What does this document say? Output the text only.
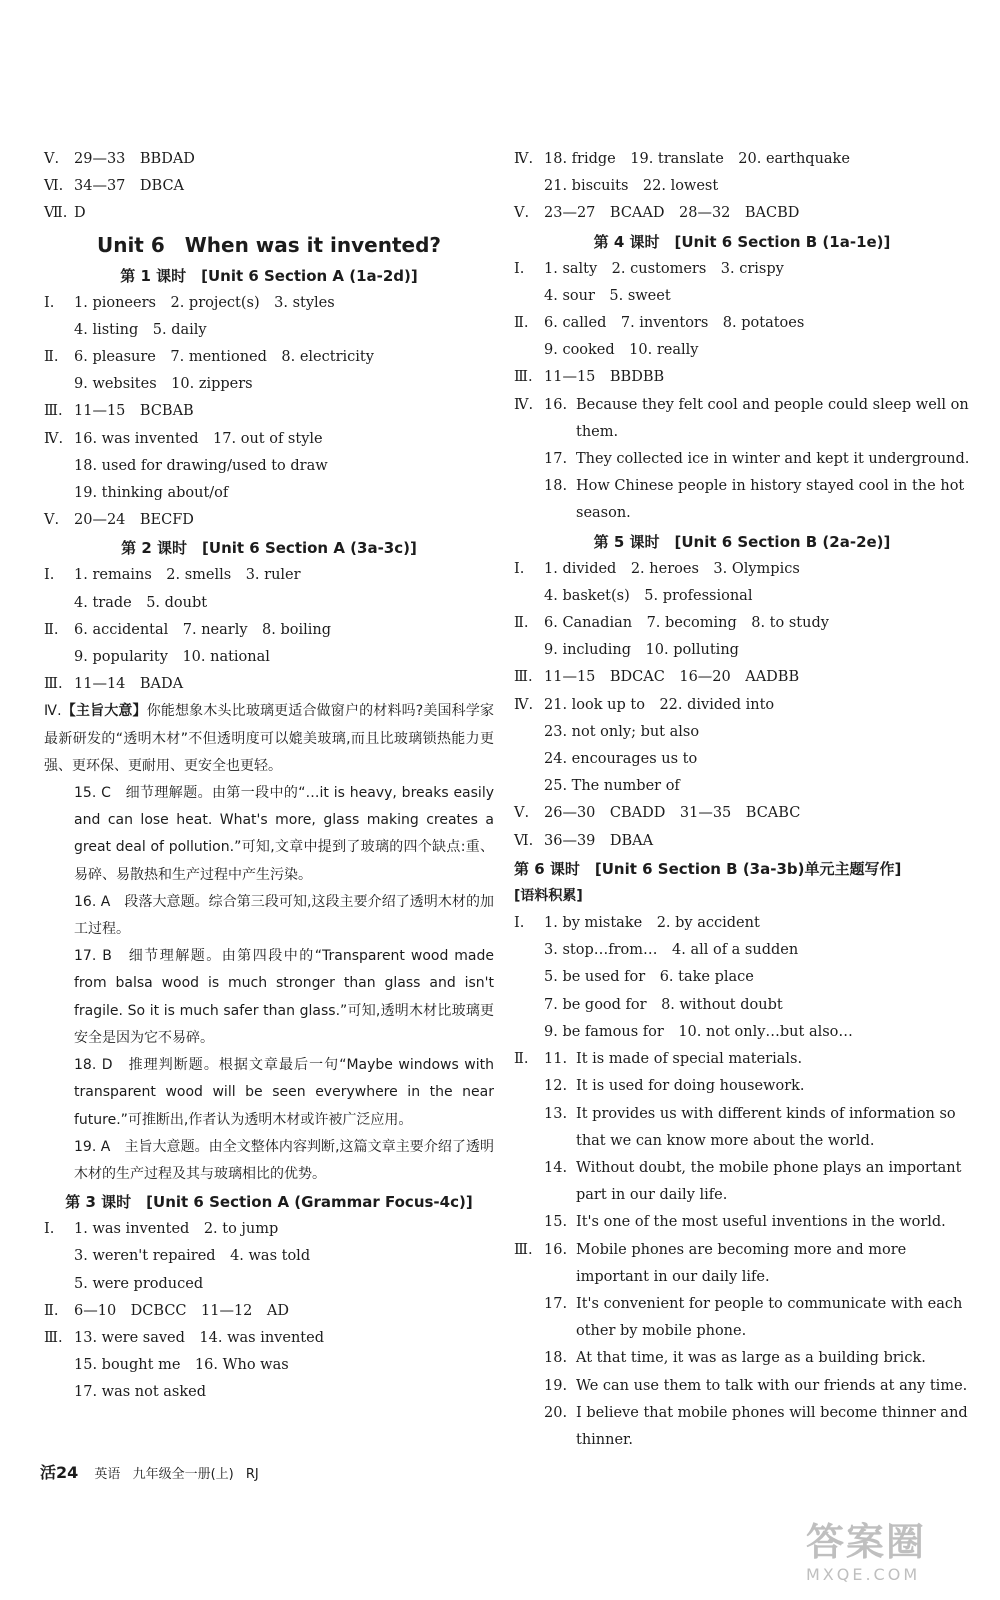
Ⅴ.	29—33　BBDAD
Ⅵ. 34—37　DBCA
Ⅶ. D
Unit 6　When was it invented?
第 1 课时　[Unit 6 Section A (1a-2d)]
Ⅰ.	1. pioneers　2. project(s)　3. styles
4. listing　5. daily
Ⅱ.	6. pleasure　7. mentioned　8. electricity
9. websites　10. zippers
Ⅲ. 11—15　BCBAB
Ⅳ. 16. was invented　17. out of style
18. used for drawing/used to draw
19. thinking about/of
Ⅴ.	20—24　BECFD
第 2 课时　[Unit 6 Section A (3a-3c)]
Ⅰ.	1. remains　2. smells　3. ruler
4. trade　5. doubt
Ⅱ.	6. accidental　7. nearly　8. boiling
9. popularity　10. national
Ⅲ. 11—14　BADA
Ⅳ.【主旨大意】你能想象木头比玻璃更适合做窗户的材料吗?美国科学家最新研发的“透明木材”不但透明度可以媲美玻璃,而且比玻璃锁热能力更强、更环保、更耐用、更安全也更轻。
15. C　细节理解题。由第一段中的“…it is heavy, breaks easily and can lose heat. What's more, glass making creates a great deal of pollution.”可知,文章中提到了玻璃的四个缺点:重、易碎、易散热和生产过程中产生污染。
16. A　段落大意题。综合第三段可知,这段主要介绍了透明木材的加工过程。
17. B　细节理解题。由第四段中的“Transparent wood made from balsa wood is much stronger than glass and isn't fragile. So it is much safer than glass.”可知,透明木材比玻璃更安全是因为它不易碎。
18. D　推理判断题。根据文章最后一句“Maybe windows with transparent wood will be seen everywhere in the near future.”可推断出,作者认为透明木材或许被广泛应用。
19. A　主旨大意题。由全文整体内容判断,这篇文章主要介绍了透明木材的生产过程及其与玻璃相比的优势。
第 3 课时　[Unit 6 Section A (Grammar Focus-4c)]
Ⅰ.	1. was invented　2. to jump
3. weren't repaired　4. was told
5. were produced
Ⅱ.	6—10　DCBCC　11—12　AD
Ⅲ. 13. were saved　14. was invented
15. bought me　16. Who was
17. was not asked
Ⅳ. 18. fridge　19. translate　20. earthquake
21. biscuits　22. lowest
Ⅴ.	23—27　BCAAD　28—32　BACBD
第 4 课时　[Unit 6 Section B (1a-1e)]
Ⅰ.	1. salty　2. customers　3. crispy
4. sour　5. sweet
Ⅱ.	6. called　7. inventors　8. potatoes
9. cooked　10. really
Ⅲ. 11—15　BBDBB
Ⅳ. 16. Because they felt cool and people could sleep well on them.
17. They collected ice in winter and kept it underground.
18. How Chinese people in history stayed cool in the hot season.
第 5 课时　[Unit 6 Section B (2a-2e)]
Ⅰ.	1. divided　2. heroes　3. Olympics
4. basket(s)　5. professional
Ⅱ.	6. Canadian　7. becoming　8. to study
9. including　10. polluting
Ⅲ. 11—15　BDCAC　16—20　AADBB
Ⅳ. 21. look up to　22. divided into
23. not only; but also
24. encourages us to
25. The number of
Ⅴ.	26—30　CBADD　31—35　BCABC
Ⅵ. 36—39　DBAA
第 6 课时　[Unit 6 Section B (3a-3b)单元主题写作]
[语料积累]
Ⅰ.	1. by mistake　2. by accident
3. stop…from…　4. all of a sudden
5. be used for　6. take place
7. be good for　8. without doubt
9. be famous for　10. not only…but also…
Ⅱ.	11. It is made of special materials.
12. It is used for doing housework.
13. It provides us with different kinds of information so that we can know more about the world.
14. Without doubt, the mobile phone plays an important part in our daily life.
15. It's one of the most useful inventions in the world.
Ⅲ. 16. Mobile phones are becoming more and more important in our daily life.
17. It's convenient for people to communicate with each other by mobile phone.
18. At that time, it was as large as a building brick.
19. We can use them to talk with our friends at any time.
20. I believe that mobile phones will become thinner and thinner.
活24 英语 九年级全一册(上) RJ
答案圈
MXQE.COM
